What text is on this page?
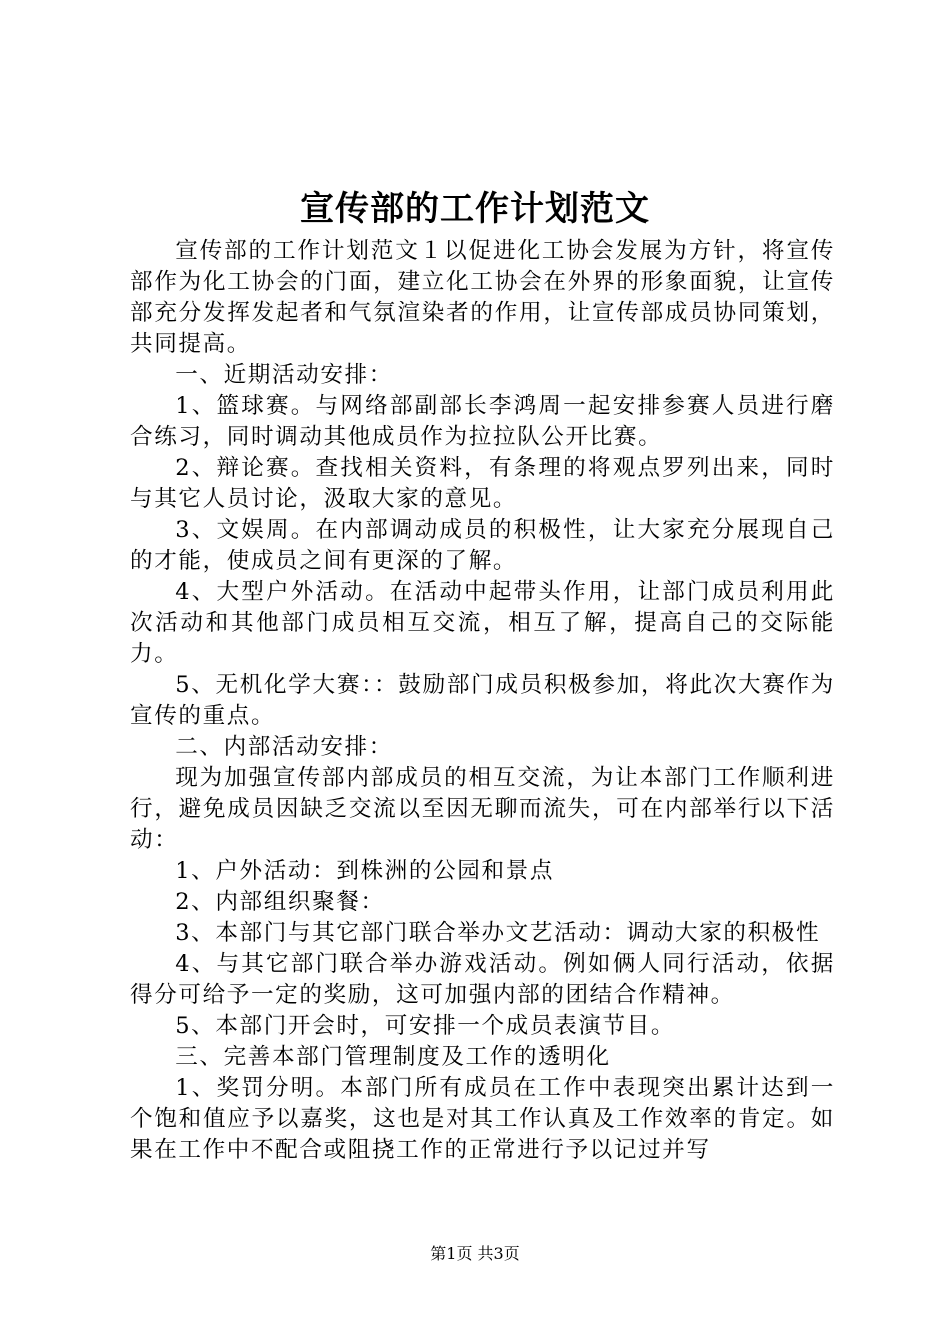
宣传部的工作计划范文

宣传部的工作计划范文１以促进化工协会发展为方针，将宣传部作为化工协会的门面，建立化工协会在外界的形象面貌，让宣传部充分发挥发起者和气氛渲染者的作用，让宣传部成员协同策划，共同提高。

一、近期活动安排：

1、篮球赛。与网络部副部长李鸿周一起安排参赛人员进行磨合练习，同时调动其他成员作为拉拉队公开比赛。

2、辩论赛。查找相关资料，有条理的将观点罗列出来，同时与其它人员讨论，汲取大家的意见。

3、文娱周。在内部调动成员的积极性，让大家充分展现自己的才能，使成员之间有更深的了解。

4、大型户外活动。在活动中起带头作用，让部门成员利用此次活动和其他部门成员相互交流，相互了解，提高自己的交际能力。

5、无机化学大赛：：鼓励部门成员积极参加，将此次大赛作为宣传的重点。

二、内部活动安排：

现为加强宣传部内部成员的相互交流，为让本部门工作顺利进行，避免成员因缺乏交流以至因无聊而流失，可在内部举行以下活动：

1、户外活动：到株洲的公园和景点

2、内部组织聚餐：

3、本部门与其它部门联合举办文艺活动：调动大家的积极性

4、与其它部门联合举办游戏活动。例如俩人同行活动，依据得分可给予一定的奖励，这可加强内部的团结合作精神。

5、本部门开会时，可安排一个成员表演节目。

三、完善本部门管理制度及工作的透明化

1、奖罚分明。本部门所有成员在工作中表现突出累计达到一个饱和值应予以嘉奖，这也是对其工作认真及工作效率的肯定。如果在工作中不配合或阻挠工作的正常进行予以记过并写

第1页 共3页
